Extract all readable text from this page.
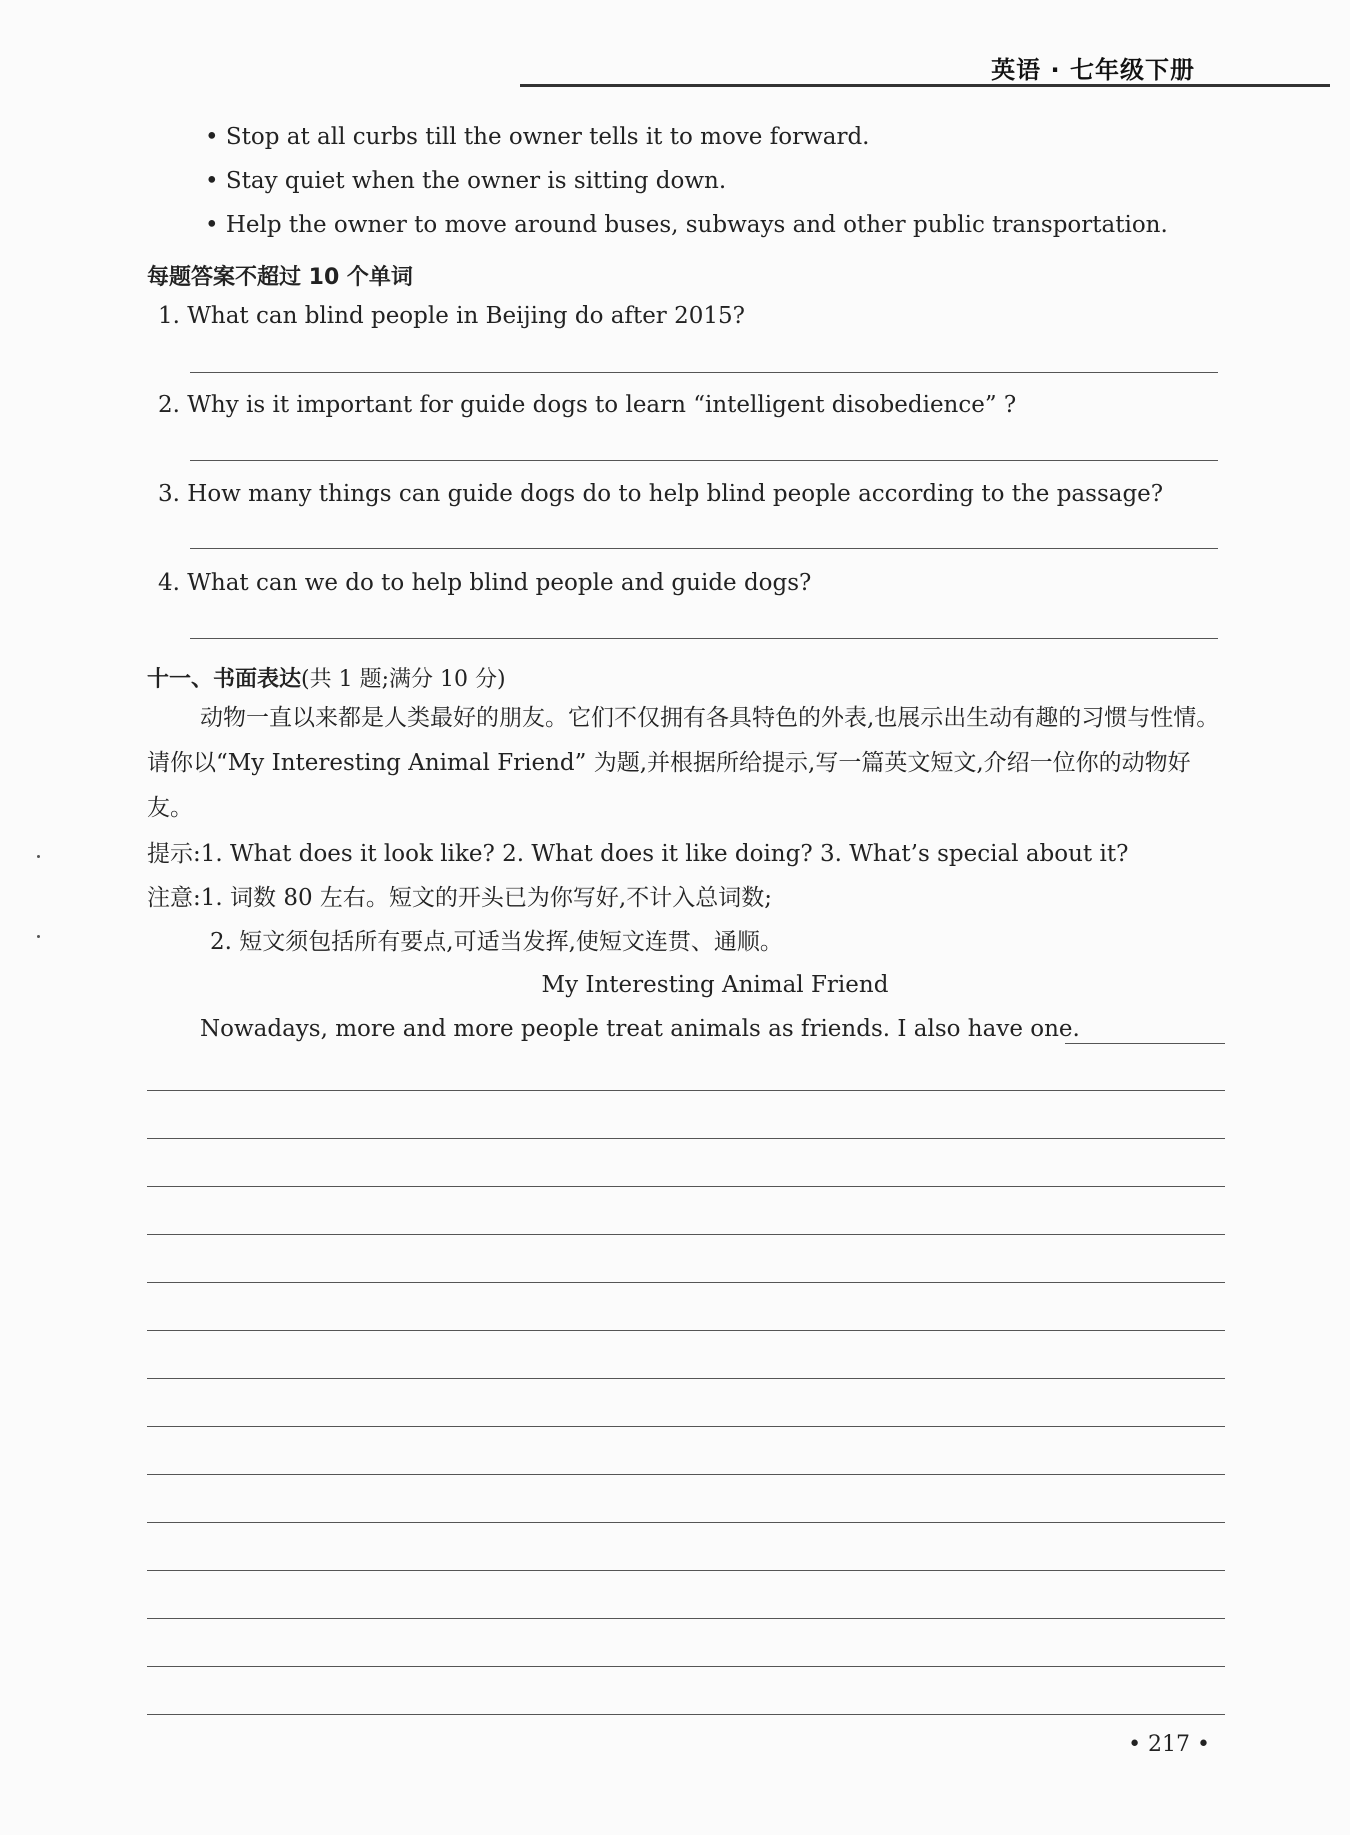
英语 · 七年级下册
• Stop at all curbs till the owner tells it to move forward.
• Stay quiet when the owner is sitting down.
• Help the owner to move around buses, subways and other public transportation.
每题答案不超过 10 个单词
1. What can blind people in Beijing do after 2015?
2. Why is it important for guide dogs to learn “intelligent disobedience” ?
3. How many things can guide dogs do to help blind people according to the passage?
4. What can we do to help blind people and guide dogs?
十一、书面表达(共 1 题;满分 10 分)
动物一直以来都是人类最好的朋友。它们不仅拥有各具特色的外表,也展示出生动有趣的习惯与性情。请你以“My Interesting Animal Friend” 为题,并根据所给提示,写一篇英文短文,介绍一位你的动物好友。
提示:1. What does it look like? 2. What does it like doing? 3. What’s special about it?
注意:1. 词数 80 左右。短文的开头已为你写好,不计入总词数;
2. 短文须包括所有要点,可适当发挥,使短文连贯、通顺。
My Interesting Animal Friend
Nowadays, more and more people treat animals as friends. I also have one.
• 217 •
